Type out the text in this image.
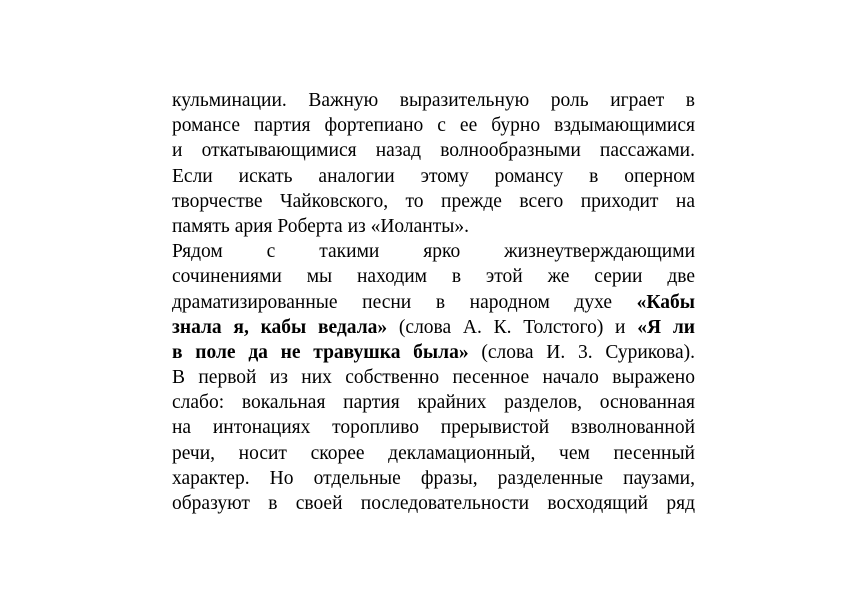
кульминации. Важную выразительную роль играет в
романсе партия фортепиано с ее бурно вздымающимися
и откатывающимися назад волнообразными пассажами.
Если искать аналогии этому романсу в оперном
творчестве Чайковского, то прежде всего приходит на
память ария Роберта из «Иоланты».
Рядом с такими ярко жизнеутверждающими
сочинениями мы находим в этой же серии две
драматизированные песни в народном духе «Кабы
знала я, кабы ведала» (слова А. К. Толстого) и «Я ли
в поле да не травушка была» (слова И. 3. Сурикова).
В первой из них собственно песенное начало выражено
слабо: вокальная партия крайних разделов, основанная
на интонациях торопливо прерывистой взволнованной
речи, носит скорее декламационный, чем песенный
характер. Но отдельные фразы, разделенные паузами,
образуют в своей последовательности восходящий ряд
